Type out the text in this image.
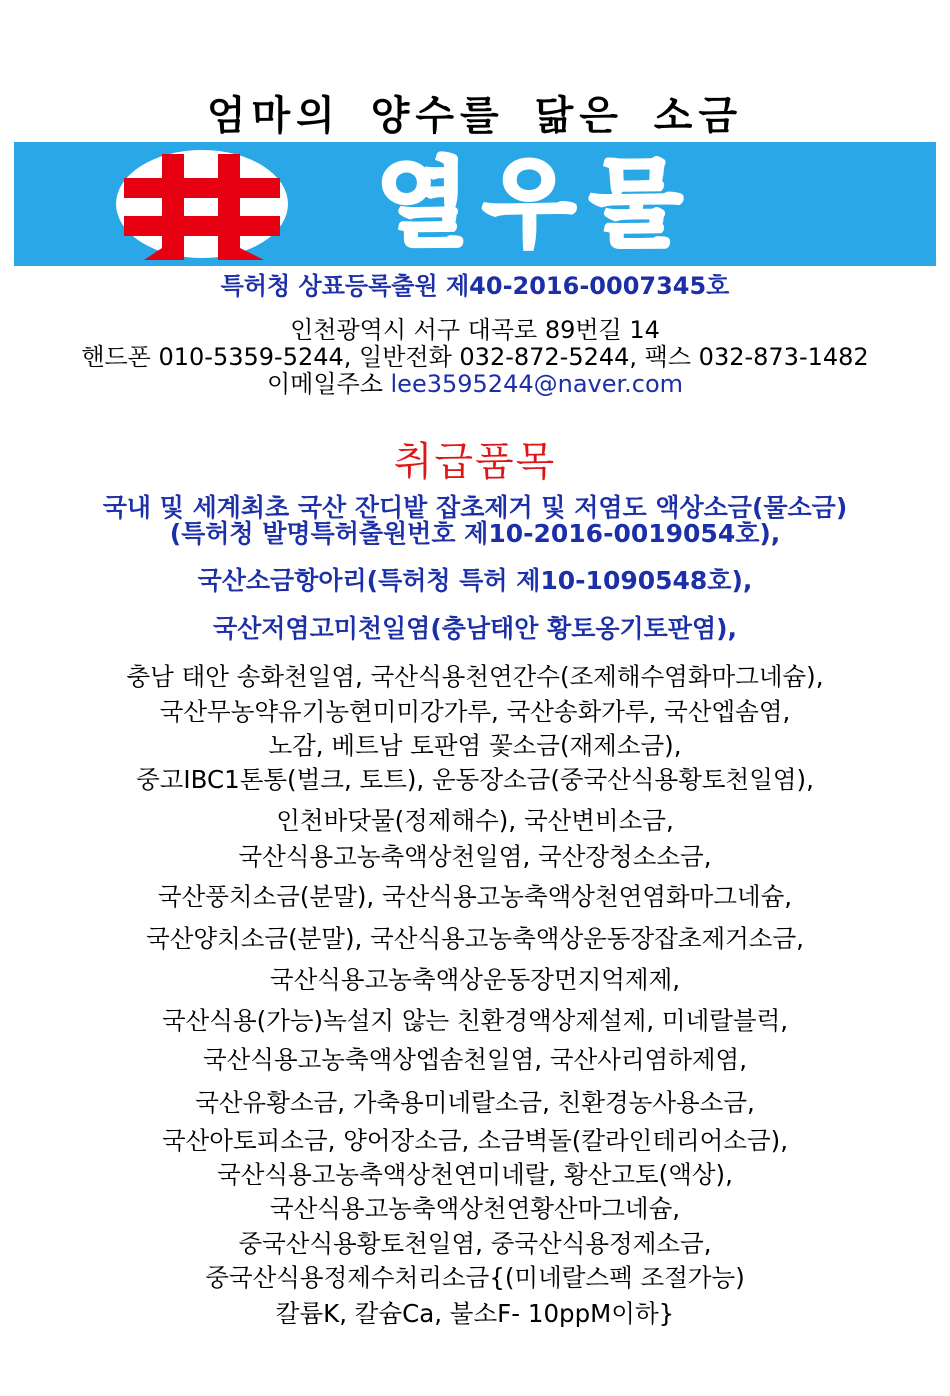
엄마의 양수를 닮은 소금
열우물
특허청 상표등록출원 제40-2016-0007345호
인천광역시 서구 대곡로 89번길 14
핸드폰 010-5359-5244, 일반전화 032-872-5244, 팩스 032-873-1482
이메일주소 lee3595244@naver.com
취급품목
국내 및 세계최초 국산 잔디밭 잡초제거 및 저염도 액상소금(물소금)
(특허청 발명특허출원번호 제10-2016-0019054호),
국산소금항아리(특허청 특허 제10-1090548호),
국산저염고미천일염(충남태안 황토옹기토판염),
충남 태안 송화천일염, 국산식용천연간수(조제해수염화마그네슘),
국산무농약유기농현미미강가루, 국산송화가루, 국산엡솜염,
노감, 베트남 토판염 꽃소금(재제소금),
중고IBC1톤통(벌크, 토트), 운동장소금(중국산식용황토천일염),
인천바닷물(정제해수), 국산변비소금,
국산식용고농축액상천일염, 국산장청소소금,
국산풍치소금(분말), 국산식용고농축액상천연염화마그네슘,
국산양치소금(분말), 국산식용고농축액상운동장잡초제거소금,
국산식용고농축액상운동장먼지억제제,
국산식용(가능)녹설지 않는 친환경액상제설제, 미네랄블럭,
국산식용고농축액상엡솜천일염, 국산사리염하제염,
국산유황소금, 가축용미네랄소금, 친환경농사용소금,
국산아토피소금, 양어장소금, 소금벽돌(칼라인테리어소금),
국산식용고농축액상천연미네랄, 황산고토(액상),
국산식용고농축액상천연황산마그네슘,
중국산식용황토천일염, 중국산식용정제소금,
중국산식용정제수처리소금{(미네랄스펙 조절가능)
칼륨K, 칼슘Ca, 불소F- 10ppM이하}
